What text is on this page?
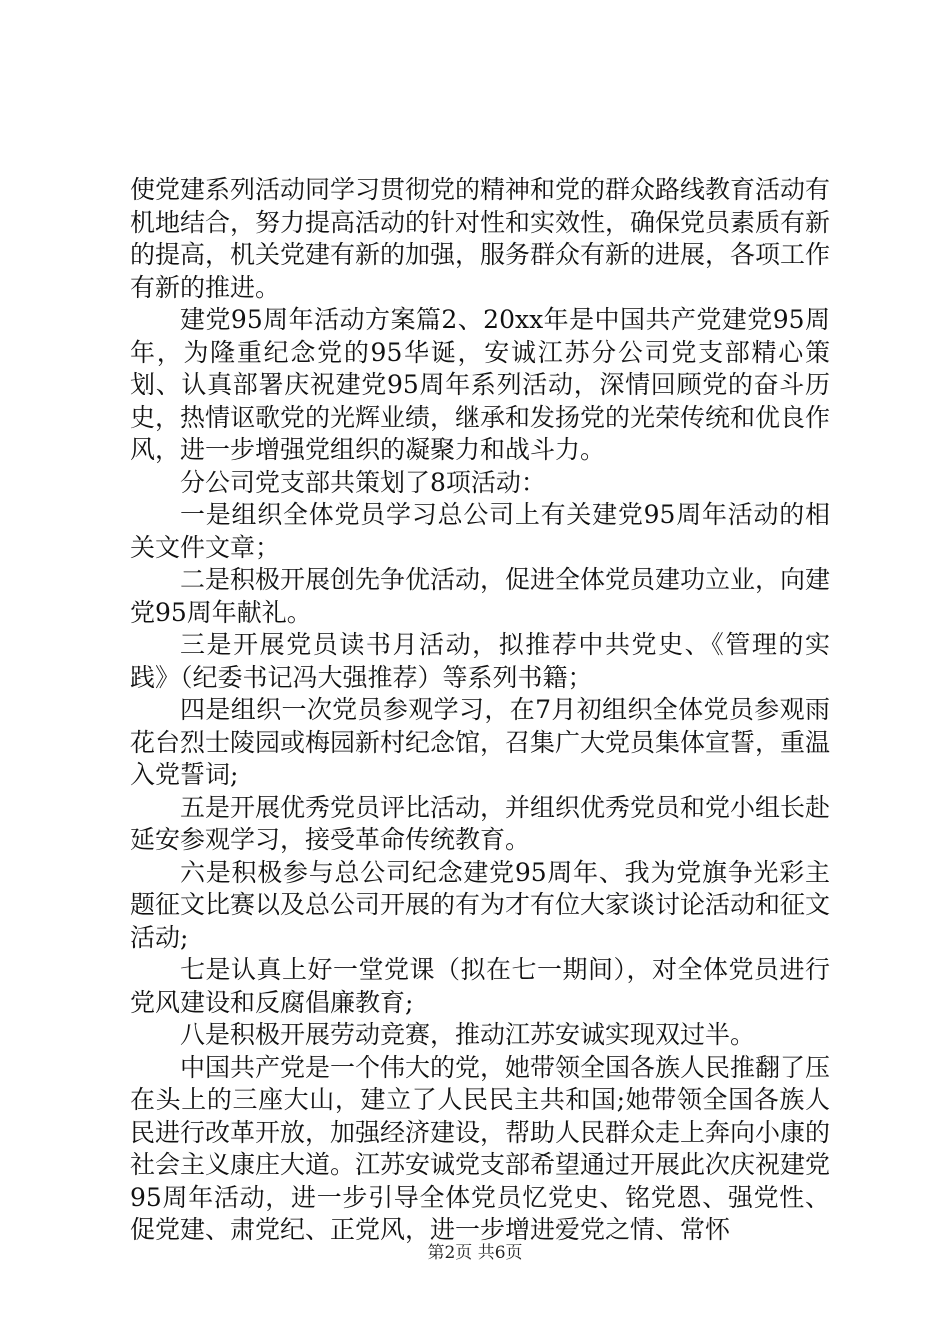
使党建系列活动同学习贯彻党的精神和党的群众路线教育活动有机地结合，努力提高活动的针对性和实效性，确保党员素质有新的提高，机关党建有新的加强，服务群众有新的进展，各项工作有新的推进。

建党95周年活动方案篇2、20xx年是中国共产党建党95周年，为隆重纪念党的95华诞，安诚江苏分公司党支部精心策划、认真部署庆祝建党95周年系列活动，深情回顾党的奋斗历史，热情讴歌党的光辉业绩，继承和发扬党的光荣传统和优良作风，进一步增强党组织的凝聚力和战斗力。

分公司党支部共策划了8项活动：

一是组织全体党员学习总公司上有关建党95周年活动的相关文件文章；

二是积极开展创先争优活动，促进全体党员建功立业，向建党95周年献礼。

三是开展党员读书月活动，拟推荐中共党史、《管理的实践》（纪委书记冯大强推荐）等系列书籍；

四是组织一次党员参观学习，在7月初组织全体党员参观雨花台烈士陵园或梅园新村纪念馆，召集广大党员集体宣誓，重温入党誓词;

五是开展优秀党员评比活动，并组织优秀党员和党小组长赴延安参观学习，接受革命传统教育。

六是积极参与总公司纪念建党95周年、我为党旗争光彩主题征文比赛以及总公司开展的有为才有位大家谈讨论活动和征文活动;

七是认真上好一堂党课（拟在七一期间），对全体党员进行党风建设和反腐倡廉教育;

八是积极开展劳动竞赛，推动江苏安诚实现双过半。

中国共产党是一个伟大的党，她带领全国各族人民推翻了压在头上的三座大山，建立了人民民主共和国;她带领全国各族人民进行改革开放，加强经济建设，帮助人民群众走上奔向小康的社会主义康庄大道。江苏安诚党支部希望通过开展此次庆祝建党95周年活动，进一步引导全体党员忆党史、铭党恩、强党性、促党建、肃党纪、正党风，进一步增进爱党之情、常怀

第2页 共6页
